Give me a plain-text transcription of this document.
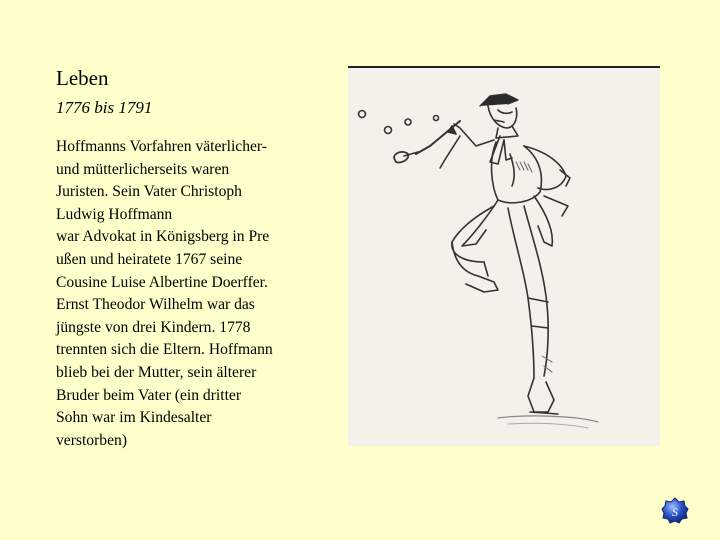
Leben
1776 bis 1791
Hoffmanns Vorfahren väterlicher-
und mütterlicherseits waren
Juristen. Sein Vater Christoph
Ludwig Hoffmann
war Advokat in Königsberg in Pre
ußen und heiratete 1767 seine
Cousine Luise Albertine Doerffer.
Ernst Theodor Wilhelm war das
jüngste von drei Kindern. 1778
trennten sich die Eltern. Hoffmann
blieb bei der Mutter, sein älterer
Bruder beim Vater (ein dritter
Sohn war im Kindesalter
verstorben)
S
